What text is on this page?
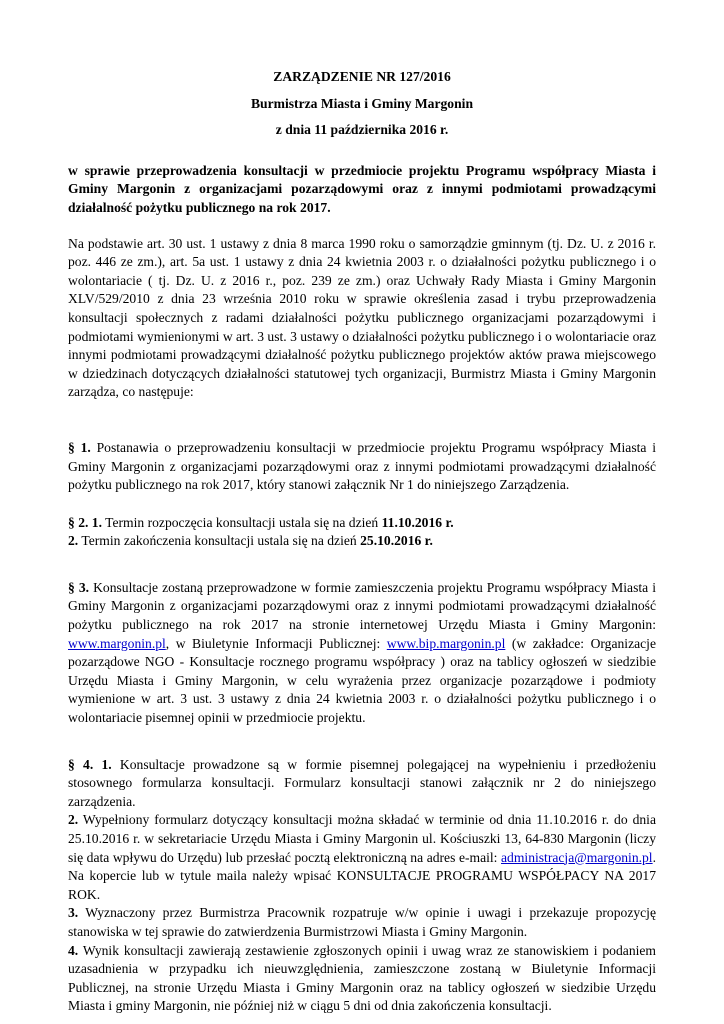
ZARZĄDZENIE NR 127/2016
Burmistrza Miasta i Gminy Margonin
z dnia 11 października 2016 r.

w sprawie przeprowadzenia konsultacji w przedmiocie projektu Programu współpracy Miasta i Gminy Margonin z organizacjami pozarządowymi oraz z innymi podmiotami prowadzącymi działalność pożytku publicznego na rok 2017.

Na podstawie art. 30 ust. 1 ustawy z dnia 8 marca 1990 roku o samorządzie gminnym (tj. Dz. U. z 2016 r. poz. 446 ze zm.), art. 5a ust. 1 ustawy z dnia 24 kwietnia 2003 r. o działalności pożytku publicznego i o wolontariacie ( tj. Dz. U. z 2016 r., poz. 239 ze zm.) oraz Uchwały Rady Miasta i Gminy Margonin XLV/529/2010 z dnia 23 września 2010 roku w sprawie określenia zasad i trybu przeprowadzenia konsultacji społecznych z radami działalności pożytku publicznego organizacjami pozarządowymi i podmiotami wymienionymi w art. 3 ust. 3 ustawy o działalności pożytku publicznego i o wolontariacie oraz innymi podmiotami prowadzącymi działalność pożytku publicznego projektów aktów prawa miejscowego w dziedzinach dotyczących działalności statutowej tych organizacji, Burmistrz Miasta i Gminy Margonin zarządza, co następuje:

§ 1. Postanawia o przeprowadzeniu konsultacji w przedmiocie projektu Programu współpracy Miasta i Gminy Margonin z organizacjami pozarządowymi oraz z innymi podmiotami prowadzącymi działalność pożytku publicznego na rok 2017, który stanowi załącznik Nr 1 do niniejszego Zarządzenia.

§ 2. 1. Termin rozpoczęcia konsultacji ustala się na dzień 11.10.2016 r.

2. Termin zakończenia konsultacji ustala się na dzień 25.10.2016 r.

§ 3. Konsultacje zostaną przeprowadzone w formie zamieszczenia projektu Programu współpracy Miasta i Gminy Margonin z organizacjami pozarządowymi oraz z innymi podmiotami prowadzącymi działalność pożytku publicznego na rok 2017 na stronie internetowej Urzędu Miasta i Gminy Margonin: www.margonin.pl, w Biuletynie Informacji Publicznej: www.bip.margonin.pl (w zakładce: Organizacje pozarządowe NGO - Konsultacje rocznego programu współpracy ) oraz na tablicy ogłoszeń w siedzibie Urzędu Miasta i Gminy Margonin, w celu wyrażenia przez organizacje pozarządowe i podmioty wymienione w art. 3 ust. 3 ustawy z dnia 24 kwietnia 2003 r. o działalności pożytku publicznego i o wolontariacie pisemnej opinii w przedmiocie projektu.

§ 4. 1. Konsultacje prowadzone są w formie pisemnej polegającej na wypełnieniu i przedłożeniu stosownego formularza konsultacji. Formularz konsultacji stanowi załącznik nr 2 do niniejszego zarządzenia.

2. Wypełniony formularz dotyczący konsultacji można składać w terminie od dnia 11.10.2016 r. do dnia 25.10.2016 r. w sekretariacie Urzędu Miasta i Gminy Margonin ul. Kościuszki 13, 64-830 Margonin (liczy się data wpływu do Urzędu) lub przesłać pocztą elektroniczną na adres e-mail: administracja@margonin.pl. Na kopercie lub w tytule maila należy wpisać KONSULTACJE PROGRAMU WSPÓŁPACY NA 2017 ROK.

3. Wyznaczony przez Burmistrza Pracownik rozpatruje w/w opinie i uwagi i przekazuje propozycję stanowiska w tej sprawie do zatwierdzenia Burmistrzowi Miasta i Gminy Margonin.

4. Wynik konsultacji zawierają zestawienie zgłoszonych opinii i uwag wraz ze stanowiskiem i podaniem uzasadnienia w przypadku ich nieuwzględnienia, zamieszczone zostaną w Biuletynie Informacji Publicznej, na stronie Urzędu Miasta i Gminy Margonin oraz na tablicy ogłoszeń w siedzibie Urzędu Miasta i gminy Margonin, nie później niż w ciągu 5 dni od dnia zakończenia konsultacji.
